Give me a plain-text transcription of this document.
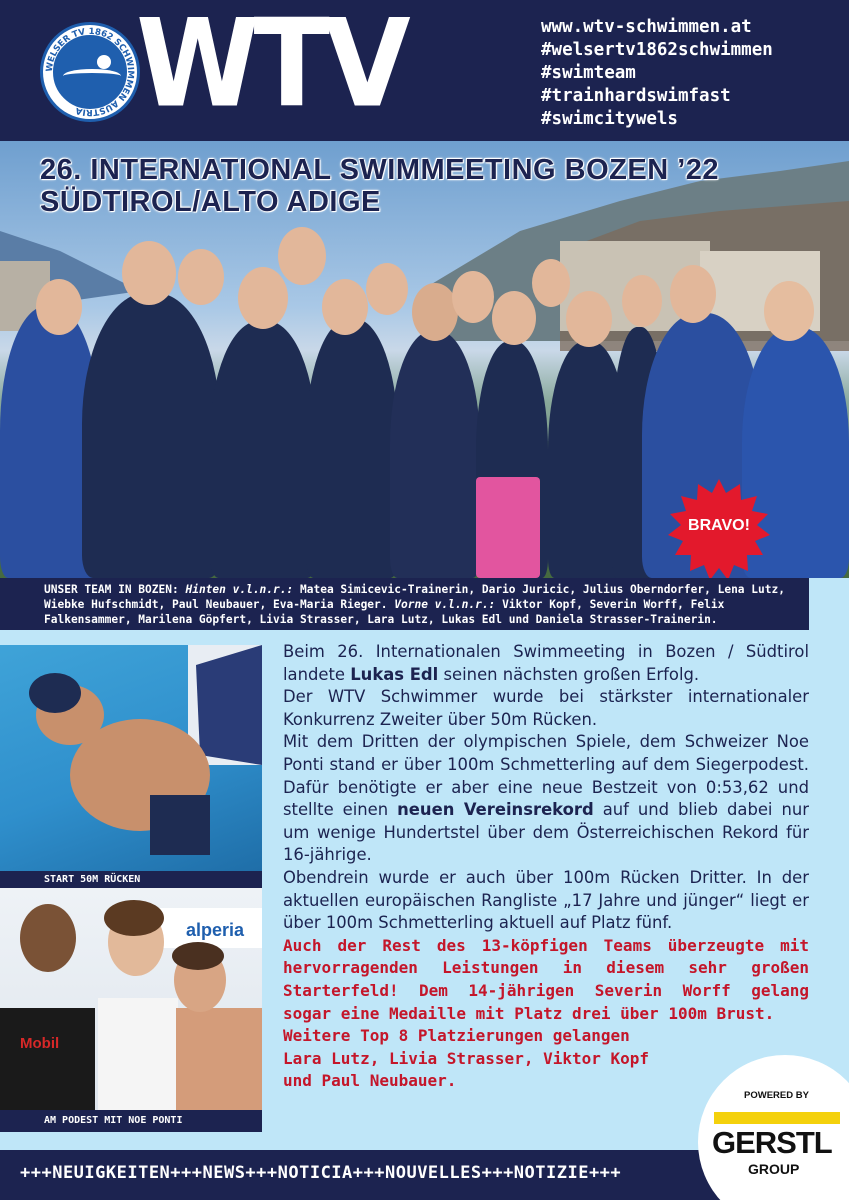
WELSER TV 1862 SCHWIMMEN AUSTRIA WTV	www.wtv-schwimmen.at
#welsertv1862schwimmen
#swimteam
#trainhardswimfast
#swimcitywels
26. INTERNATIONAL SWIMMEETING BOZEN ’22
SÜDTIROL/ALTO ADIGE
BRAVO!
UNSER TEAM IN BOZEN: Hinten v.l.n.r.: Matea Simicevic-Trainerin, Dario Juricic, Julius Oberndorfer, Lena Lutz, Wiebke Hufschmidt, Paul Neubauer, Eva-Maria Rieger. Vorne v.l.n.r.: Viktor Kopf, Severin Worff, Felix Falkensammer, Marilena Göpfert, Livia Strasser, Lara Lutz, Lukas Edl und Daniela Strasser-Trainerin.
START 50M RÜCKEN
alperia
Mobil
AM PODEST MIT NOE PONTI

Beim 26. Internationalen Swimmeeting in Bozen / Südtirol landete Lukas Edl seinen nächsten großen Erfolg.

Der WTV Schwimmer wurde bei stärkster internationaler Konkurrenz Zweiter über 50m Rücken.

Mit dem Dritten der olympischen Spiele, dem Schweizer Noe Ponti stand er über 100m Schmetterling auf dem Siegerpodest. Dafür benötigte er aber eine neue Bestzeit von 0:53,62 und stellte einen neuen Vereinsrekord auf und blieb dabei nur um wenige Hundertstel über dem Österreichischen Rekord für 16-jährige.

Obendrein wurde er auch über 100m Rücken Dritter. In der aktuellen europäischen Rangliste „17 Jahre und jünger“ liegt er über 100m Schmetterling aktuell auf Platz fünf.

Auch der Rest des 13-köpfigen Teams überzeugte mit hervorragenden Leistungen in diesem sehr großen Starterfeld! Dem 14-jährigen Severin Worff gelang sogar eine Medaille mit Platz drei über 100m Brust.

Weitere Top 8 Platzierungen gelangen
Lara Lutz, Livia Strasser, Viktor Kopf
und Paul Neubauer.

+++NEUIGKEITEN+++NEWS+++NOTICIA+++NOUVELLES+++NOTIZIE+++
POWERED BY
GERSTL
GROUP
